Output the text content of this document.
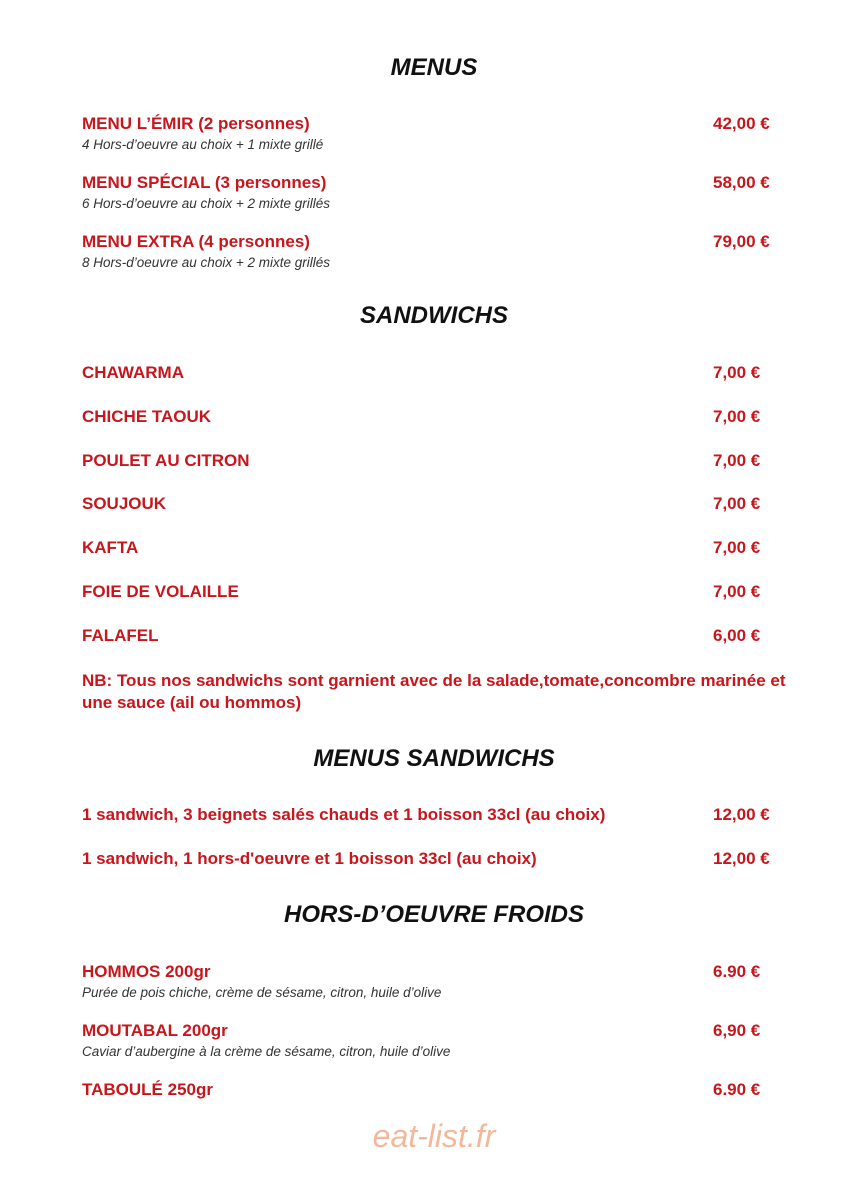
MENUS
MENU L’ÉMIR (2 personnes)
4 Hors-d’oeuvre au choix + 1 mixte grillé
42,00 €
MENU SPÉCIAL (3 personnes)
6 Hors-d’oeuvre au choix + 2 mixte grillés
58,00 €
MENU EXTRA (4 personnes)
8 Hors-d’oeuvre au choix + 2 mixte grillés
79,00 €
SANDWICHS
CHAWARMA	7,00 €
CHICHE TAOUK	7,00 €
POULET AU CITRON	7,00 €
SOUJOUK	7,00 €
KAFTA	7,00 €
FOIE DE VOLAILLE	7,00 €
FALAFEL	6,00 €
NB: Tous nos sandwichs sont garnient avec de la salade,tomate,concombre marinée et une sauce (ail ou hommos)
MENUS SANDWICHS
1 sandwich, 3 beignets salés chauds et 1 boisson 33cl (au choix)	12,00 €
1 sandwich, 1 hors-d'oeuvre et 1 boisson 33cl (au choix)	12,00 €
HORS-D’OEUVRE FROIDS
HOMMOS 200gr
Purée de pois chiche, crème de sésame, citron, huile d’olive
6.90 €
MOUTABAL 200gr
Caviar d’aubergine à la crème de sésame, citron, huile d’olive
6,90 €
TABOULÉ 250gr	6.90 €
eat-list.fr
